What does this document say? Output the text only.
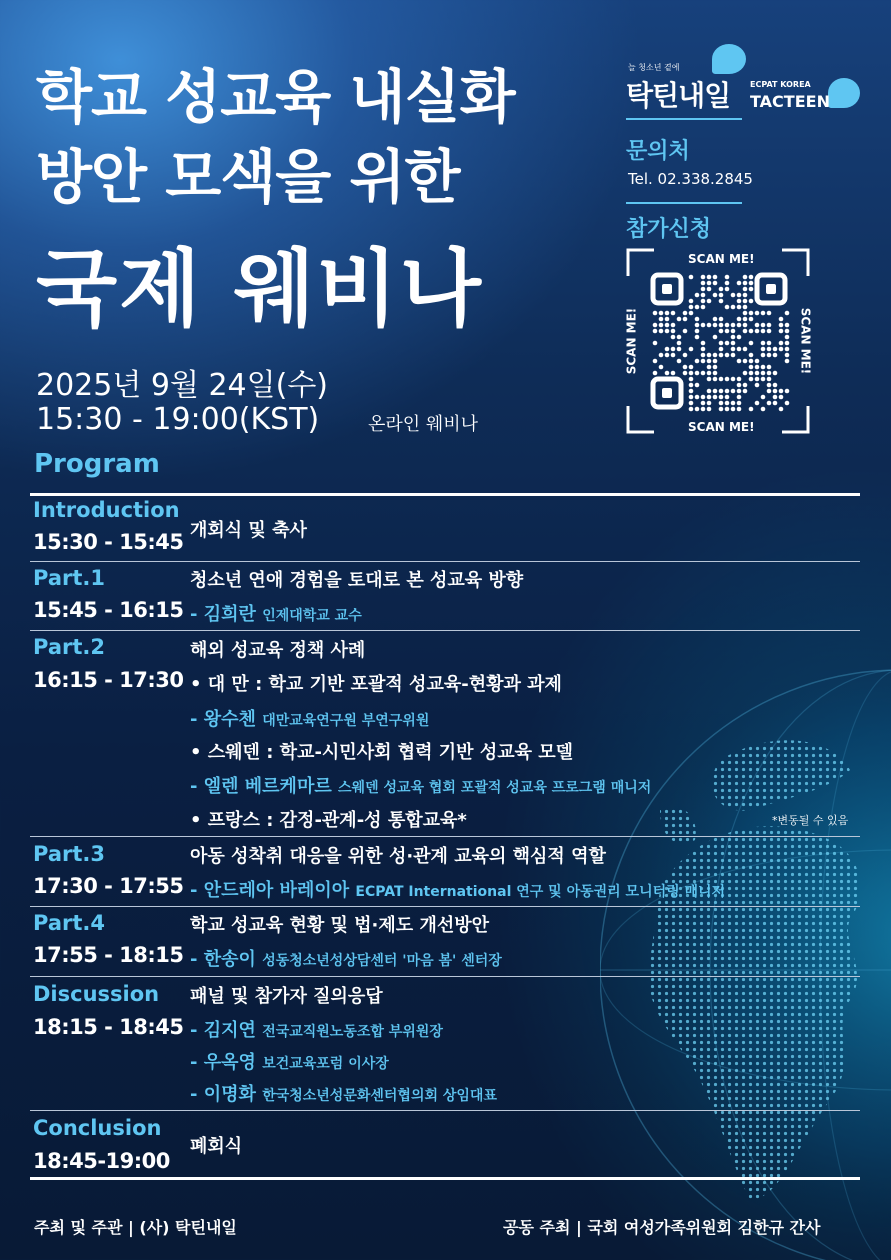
학교 성교육 내실화
방안 모색을 위한
국제 웨비나
2025년 9월 24일(수)
15:30 - 19:00(KST)	온라인 웨비나
늘 청소년 곁에
탁틴내일 ECPAT KOREA
TACTEEN
문의처
Tel. 02.338.2845
참가신청
SCAN ME!
SCAN ME!
SCAN ME!	SCAN ME!
Program
Introduction
15:30 - 15:45 개회식 및 축사
Part.1
15:45 - 16:15
청소년 연애 경험을 토대로 본 성교육 방향
- 김희란 인제대학교 교수
Part.2
16:15 - 17:30
해외 성교육 정책 사례
• 대 만 : 학교 기반 포괄적 성교육-현황과 과제
- 왕수첸 대만교육연구원 부연구위원
• 스웨덴 : 학교-시민사회 협력 기반 성교육 모델
- 엘렌 베르케마르 스웨덴 성교육 협회 포괄적 성교육 프로그램 매니저
• 프랑스 : 감정-관계-성 통합교육*	*변동될 수 있음
Part.3
17:30 - 17:55
아동 성착취 대응을 위한 성·관계 교육의 핵심적 역할
- 안드레아 바레이아 ECPAT International 연구 및 아동권리 모니터링 매니저
Part.4
17:55 - 18:15
학교 성교육 현황 및 법·제도 개선방안
- 한송이 성동청소년성상담센터 '마음 봄' 센터장
Discussion
18:15 - 18:45
패널 및 참가자 질의응답
- 김지연 전국교직원노동조합 부위원장
- 우옥영 보건교육포럼 이사장
- 이명화 한국청소년성문화센터협의회 상임대표
Conclusion
18:45-19:00
폐회식
주최 및 주관 | (사) 탁틴내일	공동 주최 | 국회 여성가족위원회 김한규 간사
